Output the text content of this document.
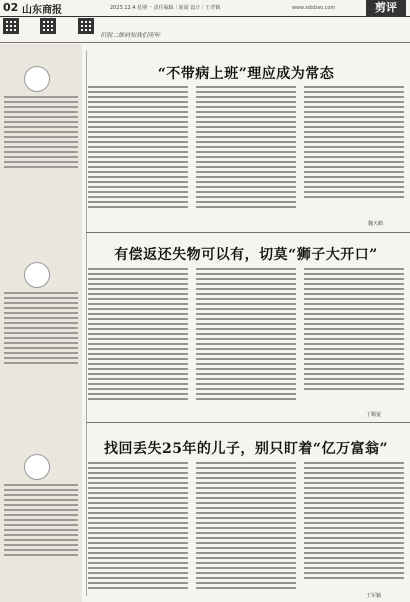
02 山东商报	2023.12.4 星期一 责任编辑｜新闻 设计｜王孝鹤	www.sdsbao.com	剪评
识别二维码知我们所听
“不带病上班”理应成为常态
魏天鹤
有偿返还失物可以有，切莫“狮子大开口”
丁顺宴
找回丢失25年的儿子，别只盯着“亿万富翁”
王军颖
